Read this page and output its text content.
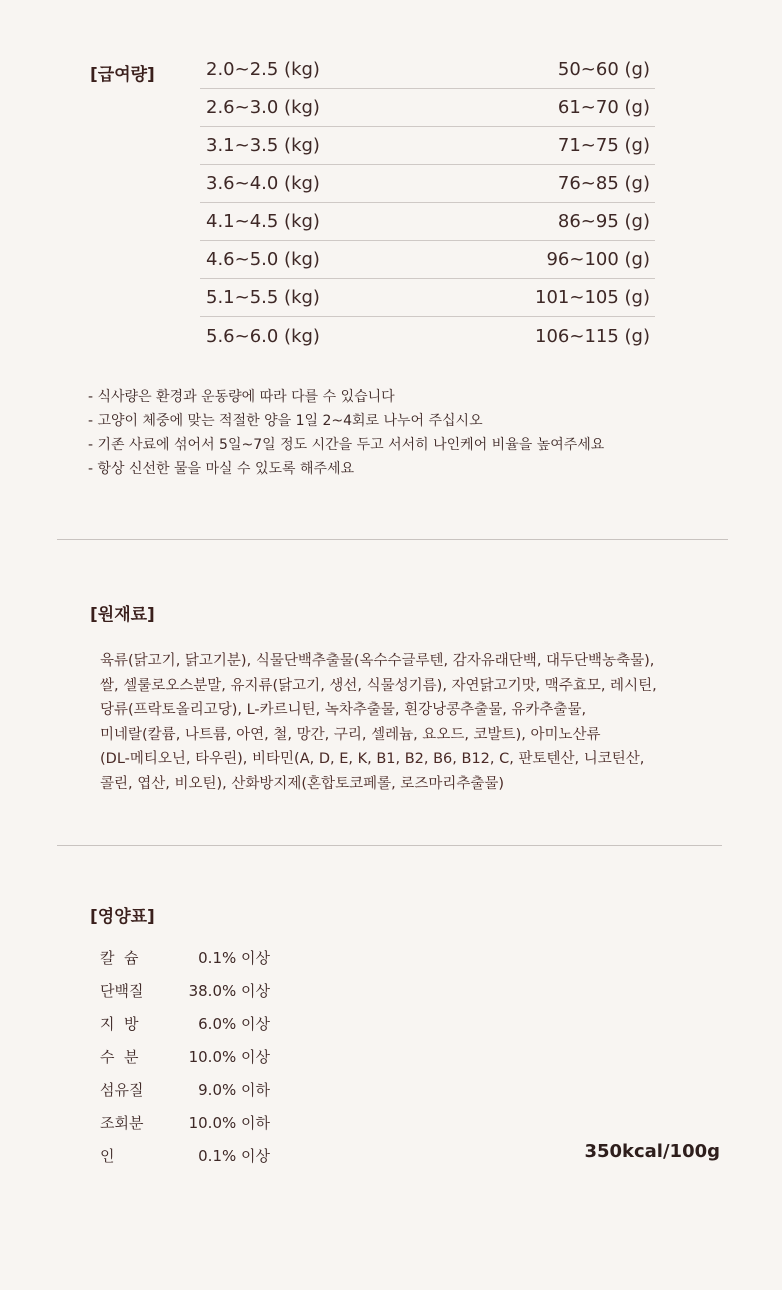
[급여량]	2.0~2.5 (kg)	50~60 (g)
2.6~3.0 (kg)	61~70 (g)
3.1~3.5 (kg)	71~75 (g)
3.6~4.0 (kg)	76~85 (g)
4.1~4.5 (kg)	86~95 (g)
4.6~5.0 (kg)	96~100 (g)
5.1~5.5 (kg)	101~105 (g)
5.6~6.0 (kg)	106~115 (g)
- 식사량은 환경과 운동량에 따라 다를 수 있습니다
- 고양이 체중에 맞는 적절한 양을 1일 2~4회로 나누어 주십시오
- 기존 사료에 섞어서 5일~7일 정도 시간을 두고 서서히 나인케어 비율을 높여주세요
- 항상 신선한 물을 마실 수 있도록 해주세요
[원재료]
육류(닭고기, 닭고기분), 식물단백추출물(옥수수글루텐, 감자유래단백, 대두단백농축물),
쌀, 셀룰로오스분말, 유지류(닭고기, 생선, 식물성기름), 자연닭고기맛, 맥주효모, 레시틴,
당류(프락토올리고당), L-카르니틴, 녹차추출물, 흰강낭콩추출물, 유카추출물,
미네랄(칼륨, 나트륨, 아연, 철, 망간, 구리, 셀레늄, 요오드, 코발트), 아미노산류
(DL-메티오닌, 타우린), 비타민(A, D, E, K, B1, B2, B6, B12, C, 판토텐산, 니코틴산,
콜린, 엽산, 비오틴), 산화방지제(혼합토코페롤, 로즈마리추출물)
[영양표]
칼  슘	0.1% 이상
단백질	38.0% 이상
지  방	6.0% 이상
수  분	10.0% 이상
섬유질	9.0% 이하
조회분	10.0% 이하
인	0.1% 이상	350kcal/100g
